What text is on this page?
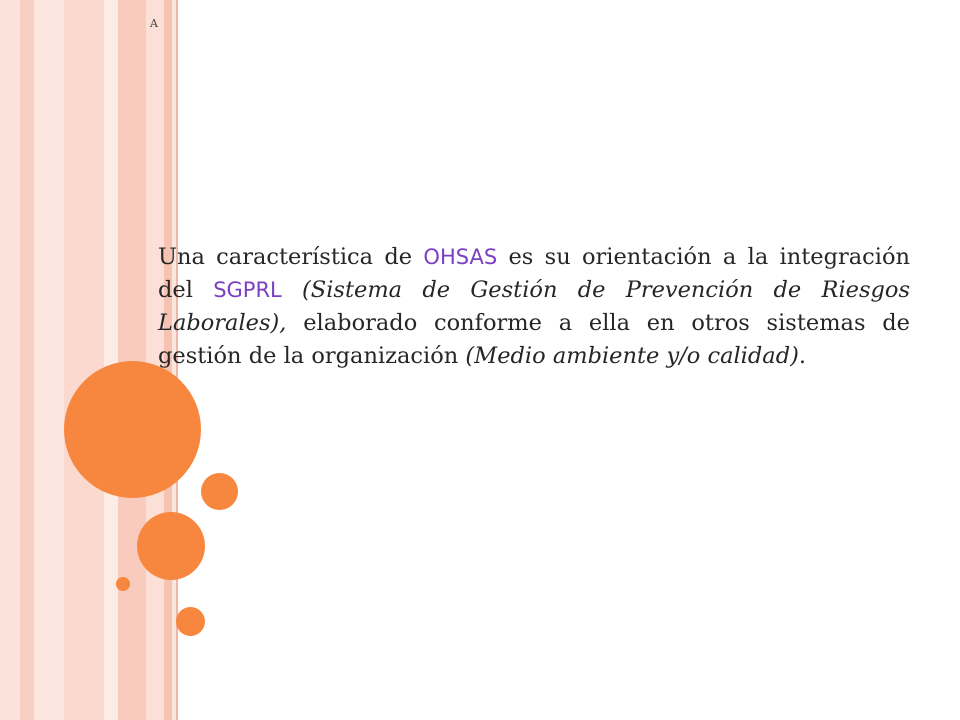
A
Una característica de OHSAS es su orientación a la integración del SGPRL (Sistema de Gestión de Prevención de Riesgos Laborales), elaborado conforme a ella en otros sistemas de gestión de la organización (Medio ambiente y/o calidad).
